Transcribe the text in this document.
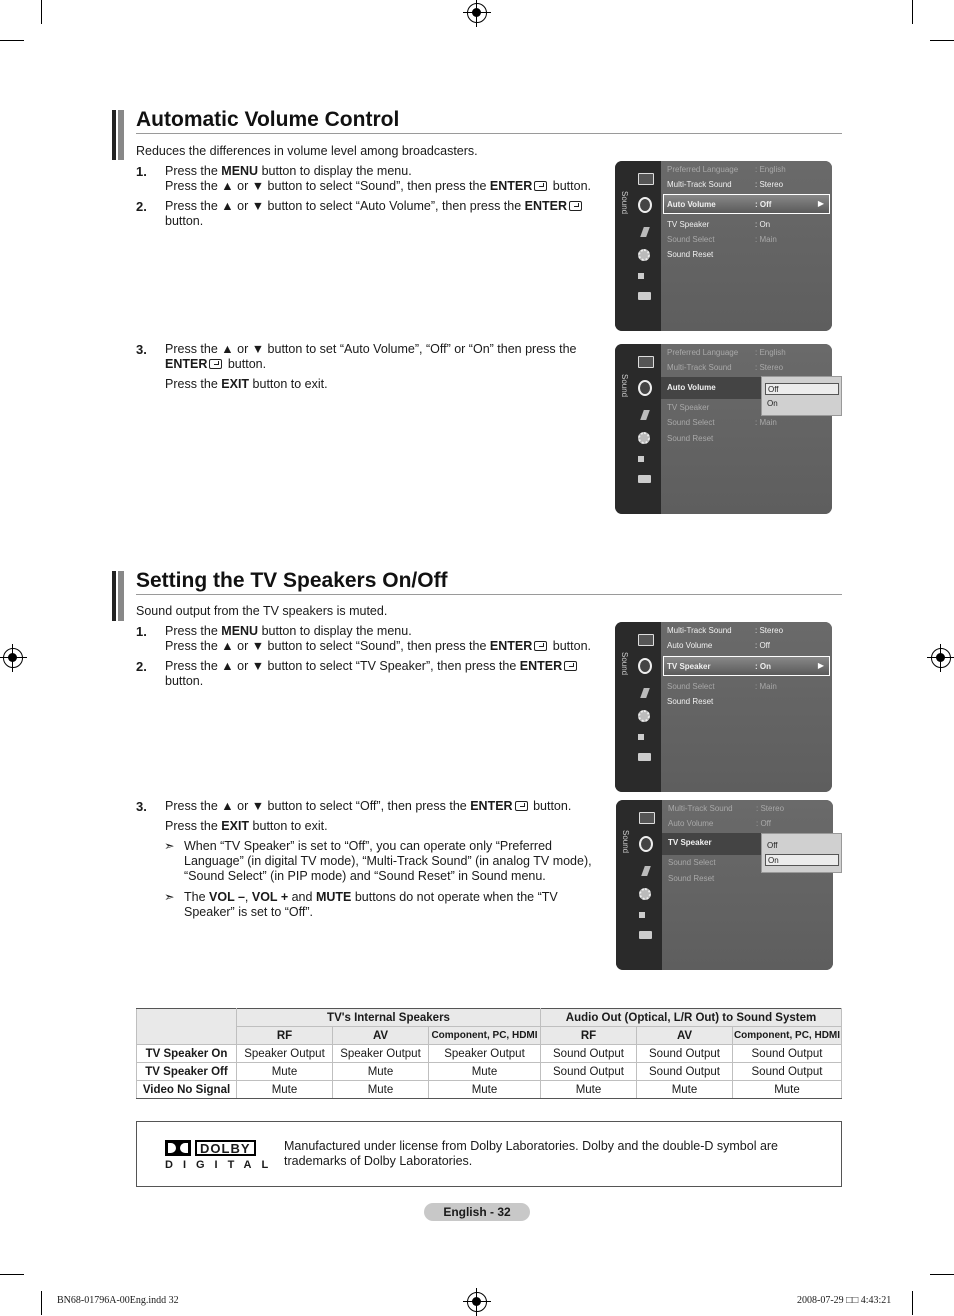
Automatic Volume Control
Reduces the differences in volume level among broadcasters.
1. Press the MENU button to display the menu.
Press the ▲ or ▼ button to select “Sound”, then press the ENTER button.
2. Press the ▲ or ▼ button to select “Auto Volume”, then press the ENTER
button.
3. Press the ▲ or ▼ button to set “Auto Volume”, “Off” or “On” then press the
ENTER button.
Press the EXIT button to exit.
Sound	▶
Preferred Language : English
Multi-Track Sound	: Stereo
Auto Volume	: Off
TV Speaker	: On
Sound Select	: Main
Sound Reset
Sound
Preferred Language : English
Multi-Track Sound	: Stereo
Auto Volume
TV Speaker
Sound Select	: Main
Sound Reset
Off
On
Setting the TV Speakers On/Off
Sound output from the TV speakers is muted.
1. Press the MENU button to display the menu.
Press the ▲ or ▼ button to select “Sound”, then press the ENTER button.
2. Press the ▲ or ▼ button to select “TV Speaker”, then press the ENTER
button.
3. Press the ▲ or ▼ button to select “Off”, then press the ENTER button.
Press the EXIT button to exit.
➣ When “TV Speaker” is set to “Off”, you can operate only “Preferred
Language” (in digital TV mode), “Multi-Track Sound” (in analog TV mode),
“Sound Select” (in PIP mode) and “Sound Reset” in Sound menu.
➣ The VOL –, VOL + and MUTE buttons do not operate when the “TV
Speaker” is set to “Off”.
Sound	▶
Multi-Track Sound	: Stereo
Auto Volume	: Off
TV Speaker	: On
Sound Select	: Main
Sound Reset
Sound
Multi-Track Sound	: Stereo
Auto Volume	: Off
TV Speaker
Sound Select
Sound Reset
Off
On
	TV's Internal Speakers			Audio Out (Optical, L/R Out) to Sound System		
	RF	AV	Component, PC, HDMI	RF	AV	Component, PC, HDMI
TV Speaker On	Speaker Output	Speaker Output	Speaker Output	Sound Output	Sound Output	Sound Output
TV Speaker Off	Mute	Mute	Mute	Sound Output	Sound Output	Sound Output
Video No Signal	Mute	Mute	Mute	Mute	Mute	Mute
DOLBY
DIGITAL
Manufactured under license from Dolby Laboratories. Dolby and the double-D symbol are
trademarks of Dolby Laboratories.
English - 32
BN68-01796A-00Eng.indd 32	2008-07-29 □□ 4:43:21
